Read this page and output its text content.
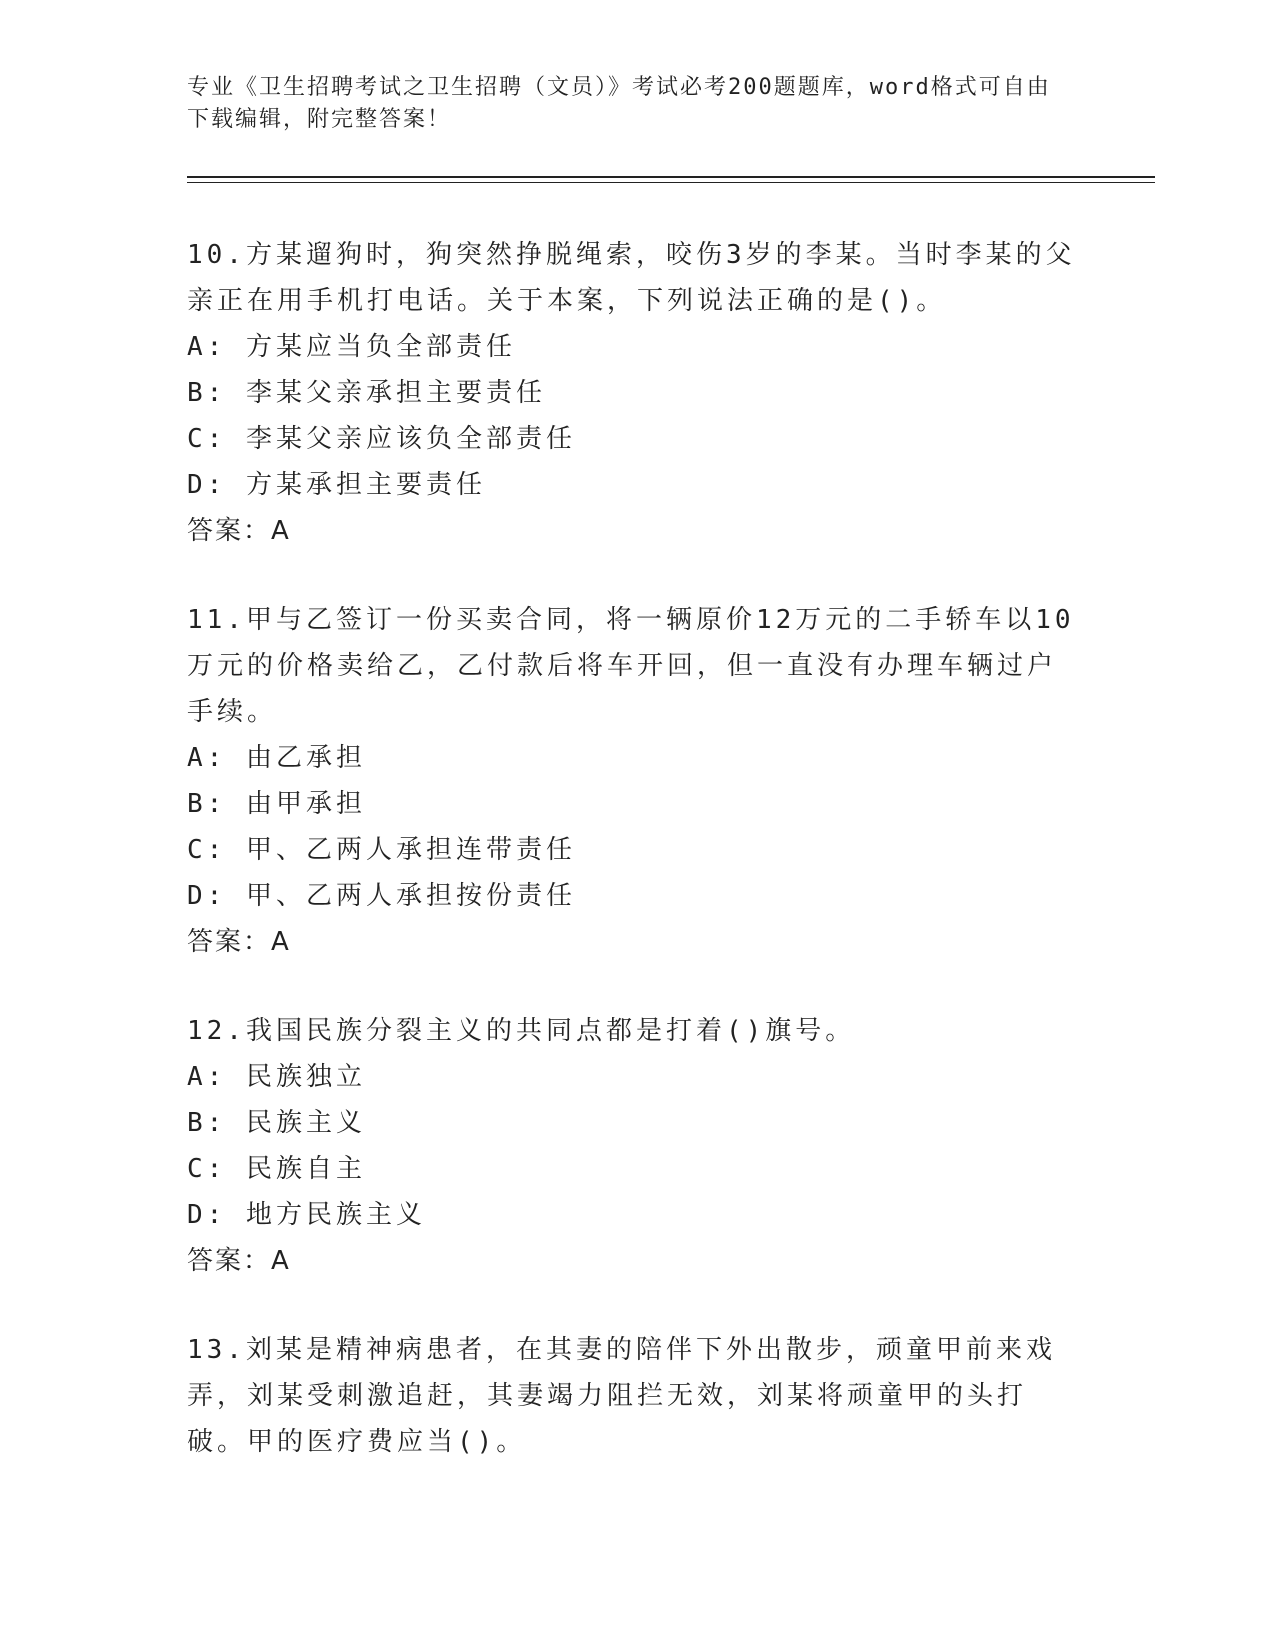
专业《卫生招聘考试之卫生招聘（文员）》考试必考200题题库，word格式可自由下载编辑，附完整答案！
10.方某遛狗时，狗突然挣脱绳索，咬伤3岁的李某。当时李某的父亲正在用手机打电话。关于本案，下列说法正确的是()。
A: 方某应当负全部责任
B: 李某父亲承担主要责任
C: 李某父亲应该负全部责任
D: 方某承担主要责任
答案：A
11.甲与乙签订一份买卖合同，将一辆原价12万元的二手轿车以10万元的价格卖给乙，乙付款后将车开回，但一直没有办理车辆过户手续。
A: 由乙承担
B: 由甲承担
C: 甲、乙两人承担连带责任
D: 甲、乙两人承担按份责任
答案：A
12.我国民族分裂主义的共同点都是打着()旗号。
A: 民族独立
B: 民族主义
C: 民族自主
D: 地方民族主义
答案：A
13.刘某是精神病患者，在其妻的陪伴下外出散步，顽童甲前来戏弄，刘某受刺激追赶，其妻竭力阻拦无效，刘某将顽童甲的头打破。甲的医疗费应当()。
